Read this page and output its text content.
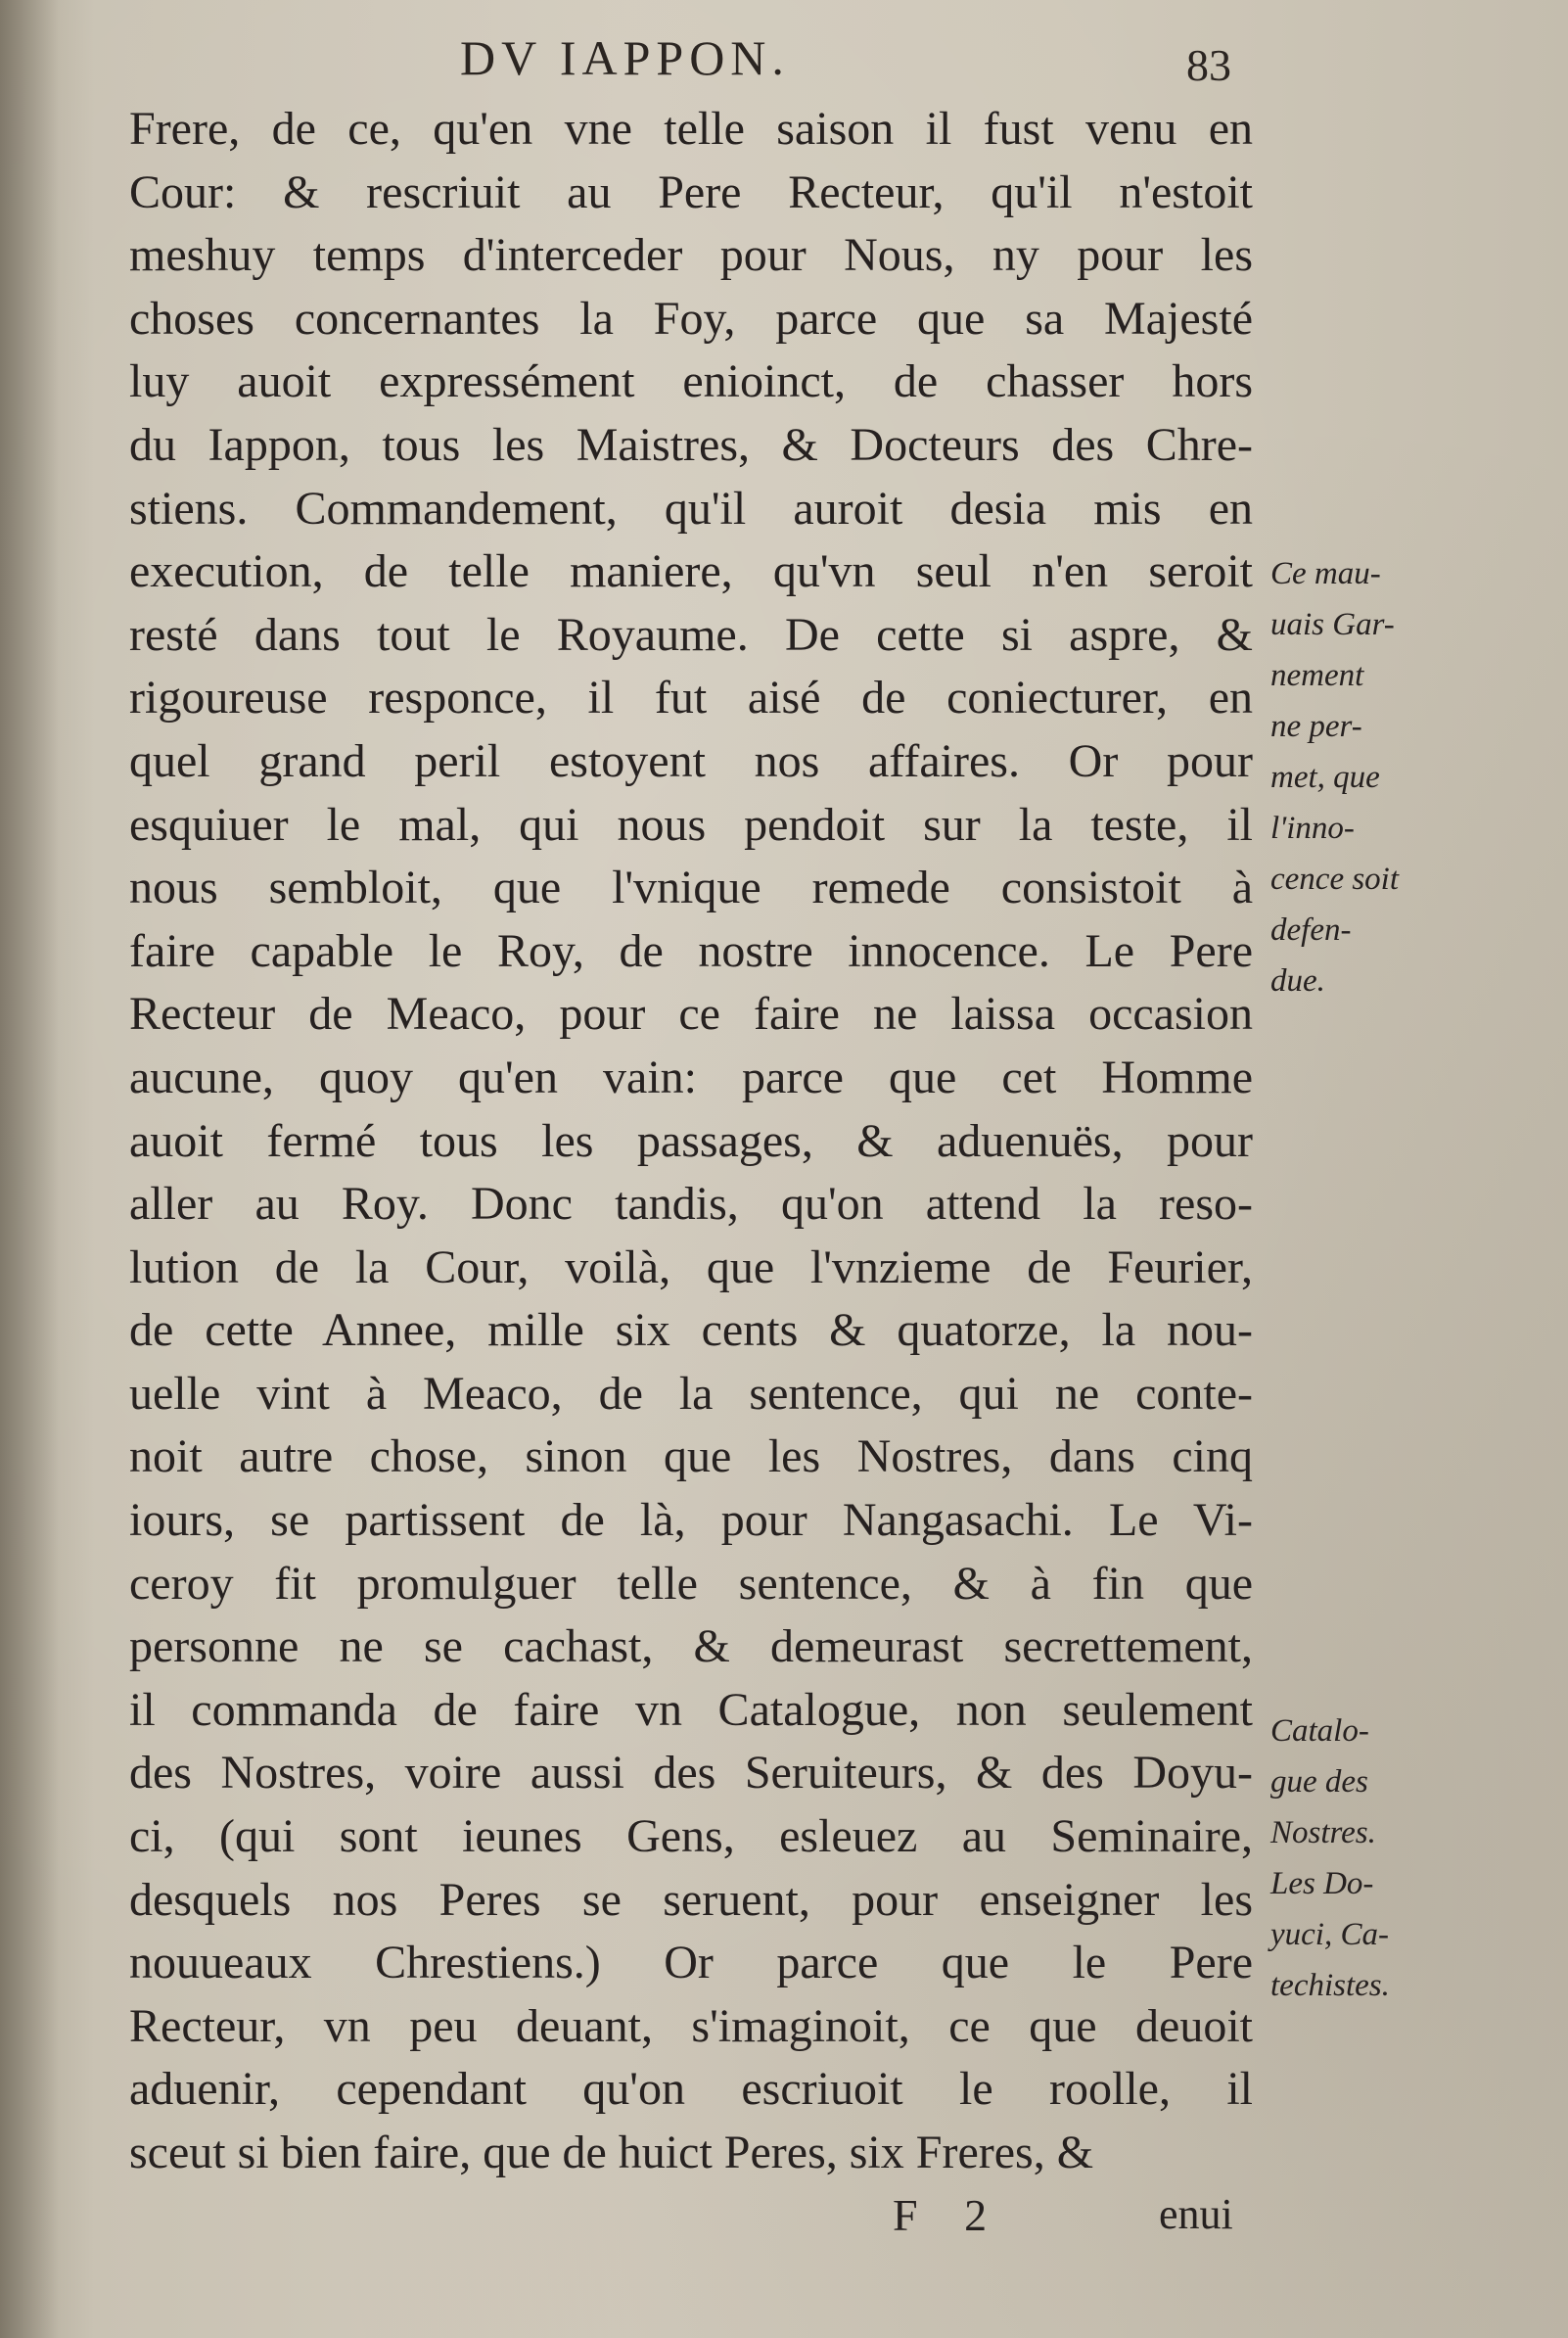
DV IAPPON.	83
Frere, de ce, qu'en vne telle saison il fust venu en
Cour: & rescriuit au Pere Recteur, qu'il n'estoit
meshuy temps d'interceder pour Nous, ny pour les
choses concernantes la Foy, parce que sa Majesté
luy auoit expressément enioinct, de chasser hors
du Iappon, tous les Maistres, & Docteurs des Chre-
stiens. Commandement, qu'il auroit desia mis en
execution, de telle maniere, qu'vn seul n'en seroit
resté dans tout le Royaume. De cette si aspre, &
rigoureuse responce, il fut aisé de coniecturer, en
quel grand peril estoyent nos affaires. Or pour
esquiuer le mal, qui nous pendoit sur la teste, il
nous sembloit, que l'vnique remede consistoit à
faire capable le Roy, de nostre innocence. Le Pere
Recteur de Meaco, pour ce faire ne laissa occasion
aucune, quoy qu'en vain: parce que cet Homme
auoit fermé tous les passages, & aduenuës, pour
aller au Roy. Donc tandis, qu'on attend la reso-
lution de la Cour, voilà, que l'vnzieme de Feurier,
de cette Annee, mille six cents & quatorze, la nou-
uelle vint à Meaco, de la sentence, qui ne conte-
noit autre chose, sinon que les Nostres, dans cinq
iours, se partissent de là, pour Nangasachi. Le Vi-
ceroy fit promulguer telle sentence, & à fin que
personne ne se cachast, & demeurast secrettement,
il commanda de faire vn Catalogue, non seulement
des Nostres, voire aussi des Seruiteurs, & des Doyu-
ci, (qui sont ieunes Gens, esleuez au Seminaire,
desquels nos Peres se seruent, pour enseigner les
nouueaux Chrestiens.) Or parce que le Pere
Recteur, vn peu deuant, s'imaginoit, ce que deuoit
aduenir, cependant qu'on escriuoit le roolle, il
sceut si bien faire, que de huict Peres, six Freres, &
Ce mau-
uais Gar-
nement
ne per-
met, que
l'inno-
cence soit
defen-
due.
Catalo-
gue des
Nostres.
Les Do-
yuci, Ca-
techistes.
F 2	enui
